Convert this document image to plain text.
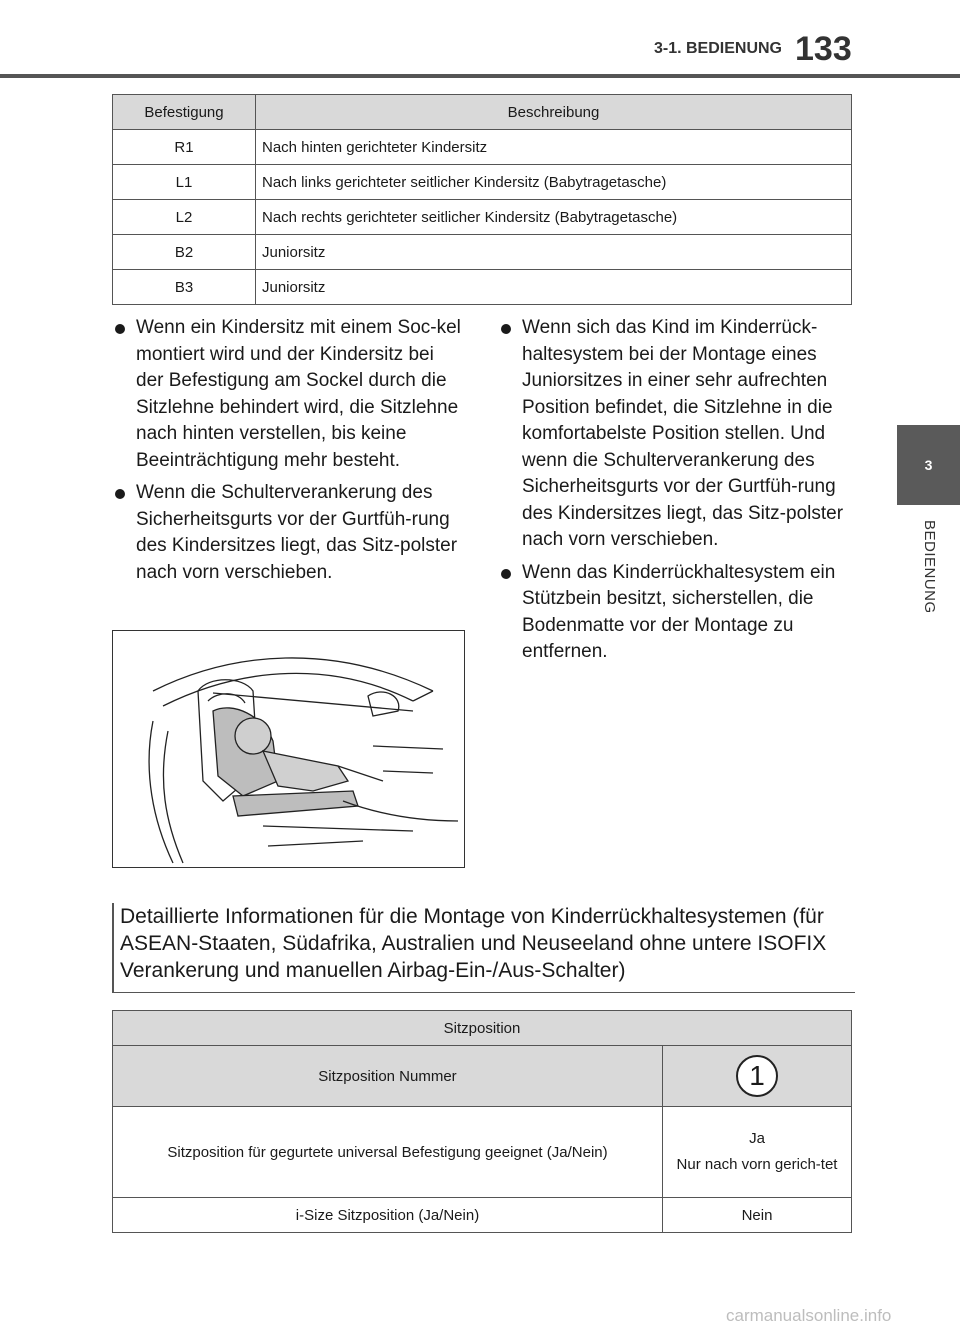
3-1. BEDIENUNG 133
3
BEDIENUNG
Befestigung	Beschreibung
R1	Nach hinten gerichteter Kindersitz
L1	Nach links gerichteter seitlicher Kindersitz (Babytragetasche)
L2	Nach rechts gerichteter seitlicher Kindersitz (Babytragetasche)
B2	Juniorsitz
B3	Juniorsitz
Wenn ein Kindersitz mit einem Soc-kel montiert wird und der Kindersitz bei der Befestigung am Sockel durch die Sitzlehne behindert wird, die Sitzlehne nach hinten verstellen, bis keine Beeinträchtigung mehr besteht.
Wenn die Schulterverankerung des Sicherheitsgurts vor der Gurtfüh-rung des Kindersitzes liegt, das Sitz-polster nach vorn verschieben.
Wenn sich das Kind im Kinderrück-haltesystem bei der Montage eines Juniorsitzes in einer sehr aufrechten Position befindet, die Sitzlehne in die komfortabelste Position stellen. Und wenn die Schulterverankerung des Sicherheitsgurts vor der Gurtfüh-rung des Kindersitzes liegt, das Sitz-polster nach vorn verschieben.
Wenn das Kinderrückhaltesystem ein Stützbein besitzt, sicherstellen, die Bodenmatte vor der Montage zu entfernen.
Detaillierte Informationen für die Montage von Kinderrückhaltesystemen (für ASEAN-Staaten, Südafrika, Australien und Neuseeland ohne untere ISOFIX Verankerung und manuellen Airbag-Ein-/Aus-Schalter)
Sitzposition	
Sitzposition Nummer	1
Sitzposition für gegurtete universal Befestigung geeignet (Ja/Nein)	Ja
Nur nach vorn gerich-tet

i-Size Sitzposition (Ja/Nein)	Nein
carmanualsonline.info
